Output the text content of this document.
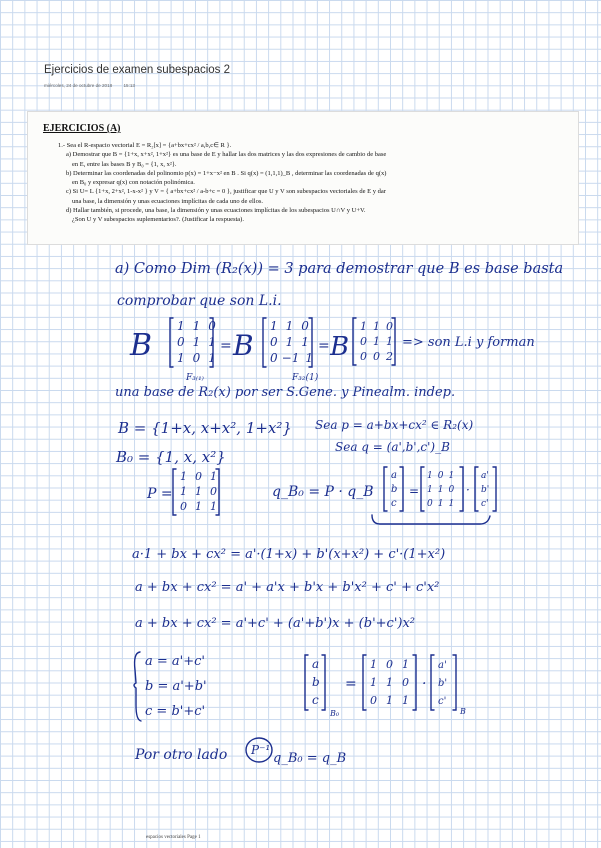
Ejercicios de examen subespacios 2
miércoles, 24 de octubre de 2018 15:13
EJERCICIOS (A)
1.- Sea el R-espacio vectorial E = R₂[x] = {a+bx+cx² / a,b,c∈ R }.
a) Demostrar que B = {1+x, x+x², 1+x²} es una base de E y hallar las dos matrices y las dos expresiones de cambio de base
en E, entre las bases B y B₀ = {1, x, x²}.
b) Determinar las coordenadas del polinomio p(x) = 1+x−x² en B . Si q(x) = (1,1,1)_B , determinar las coordenadas de q(x)
en B₀ y expresar q(x) con notación polinómica.
c) Si U= L {1+x, 2+x², 1-x-x² } y V = { a+bx+cx² / a-b+c = 0 }, justificar que U y V son subespacios vectoriales de E y dar
una base, la dimensión y unas ecuaciones implícitas de cada uno de ellos.
d) Hallar también, si procede, una base, la dimensión y unas ecuaciones implícitas de los subespacios U∩V y U+V.
¿Son U y V subespacios suplementarios?. (Justificar la respuesta).
a) Como Dim (R₂(x)) = 3 para demostrar que B es base basta
comprobar que son L.i.
B
1 1 0
0 1 1
1 0 1
= B
1 1 0
0 1 1
0 −1 1
= B
1 1 0
0 1 1
0 0 2
=> son L.i y forman
F₃₍₁₎	F₃₂(1)
una base de R₂(x) por ser S.Gene. y Pinealm. indep.
B = {1+x, x+x², 1+x²}
B₀ = {1, x, x²}
Sea p = a+bx+cx² ∈ R₂(x)
Sea q = (a',b',c')_B
P =
1 0 1
1 1 0
0 1 1
q_B₀ = P · q_B
a
b
c
=
1 0 1
1 1 0
0 1 1
·
a'
b'
c'
a·1 + bx + cx² = a'·(1+x) + b'(x+x²) + c'·(1+x²)
a + bx + cx² = a' + a'x + b'x + b'x² + c' + c'x²
a + bx + cx² = a'+c' + (a'+b')x + (b'+c')x²
a = a'+c'
b = a'+b'
c = b'+c'
a
b
c
B₀
=
1 0 1
1 1 0
0 1 1
·
a'
b'
c'
B
Por otro lado P⁻¹
q_B₀ = q_B
espacios vectoriales Page 1
